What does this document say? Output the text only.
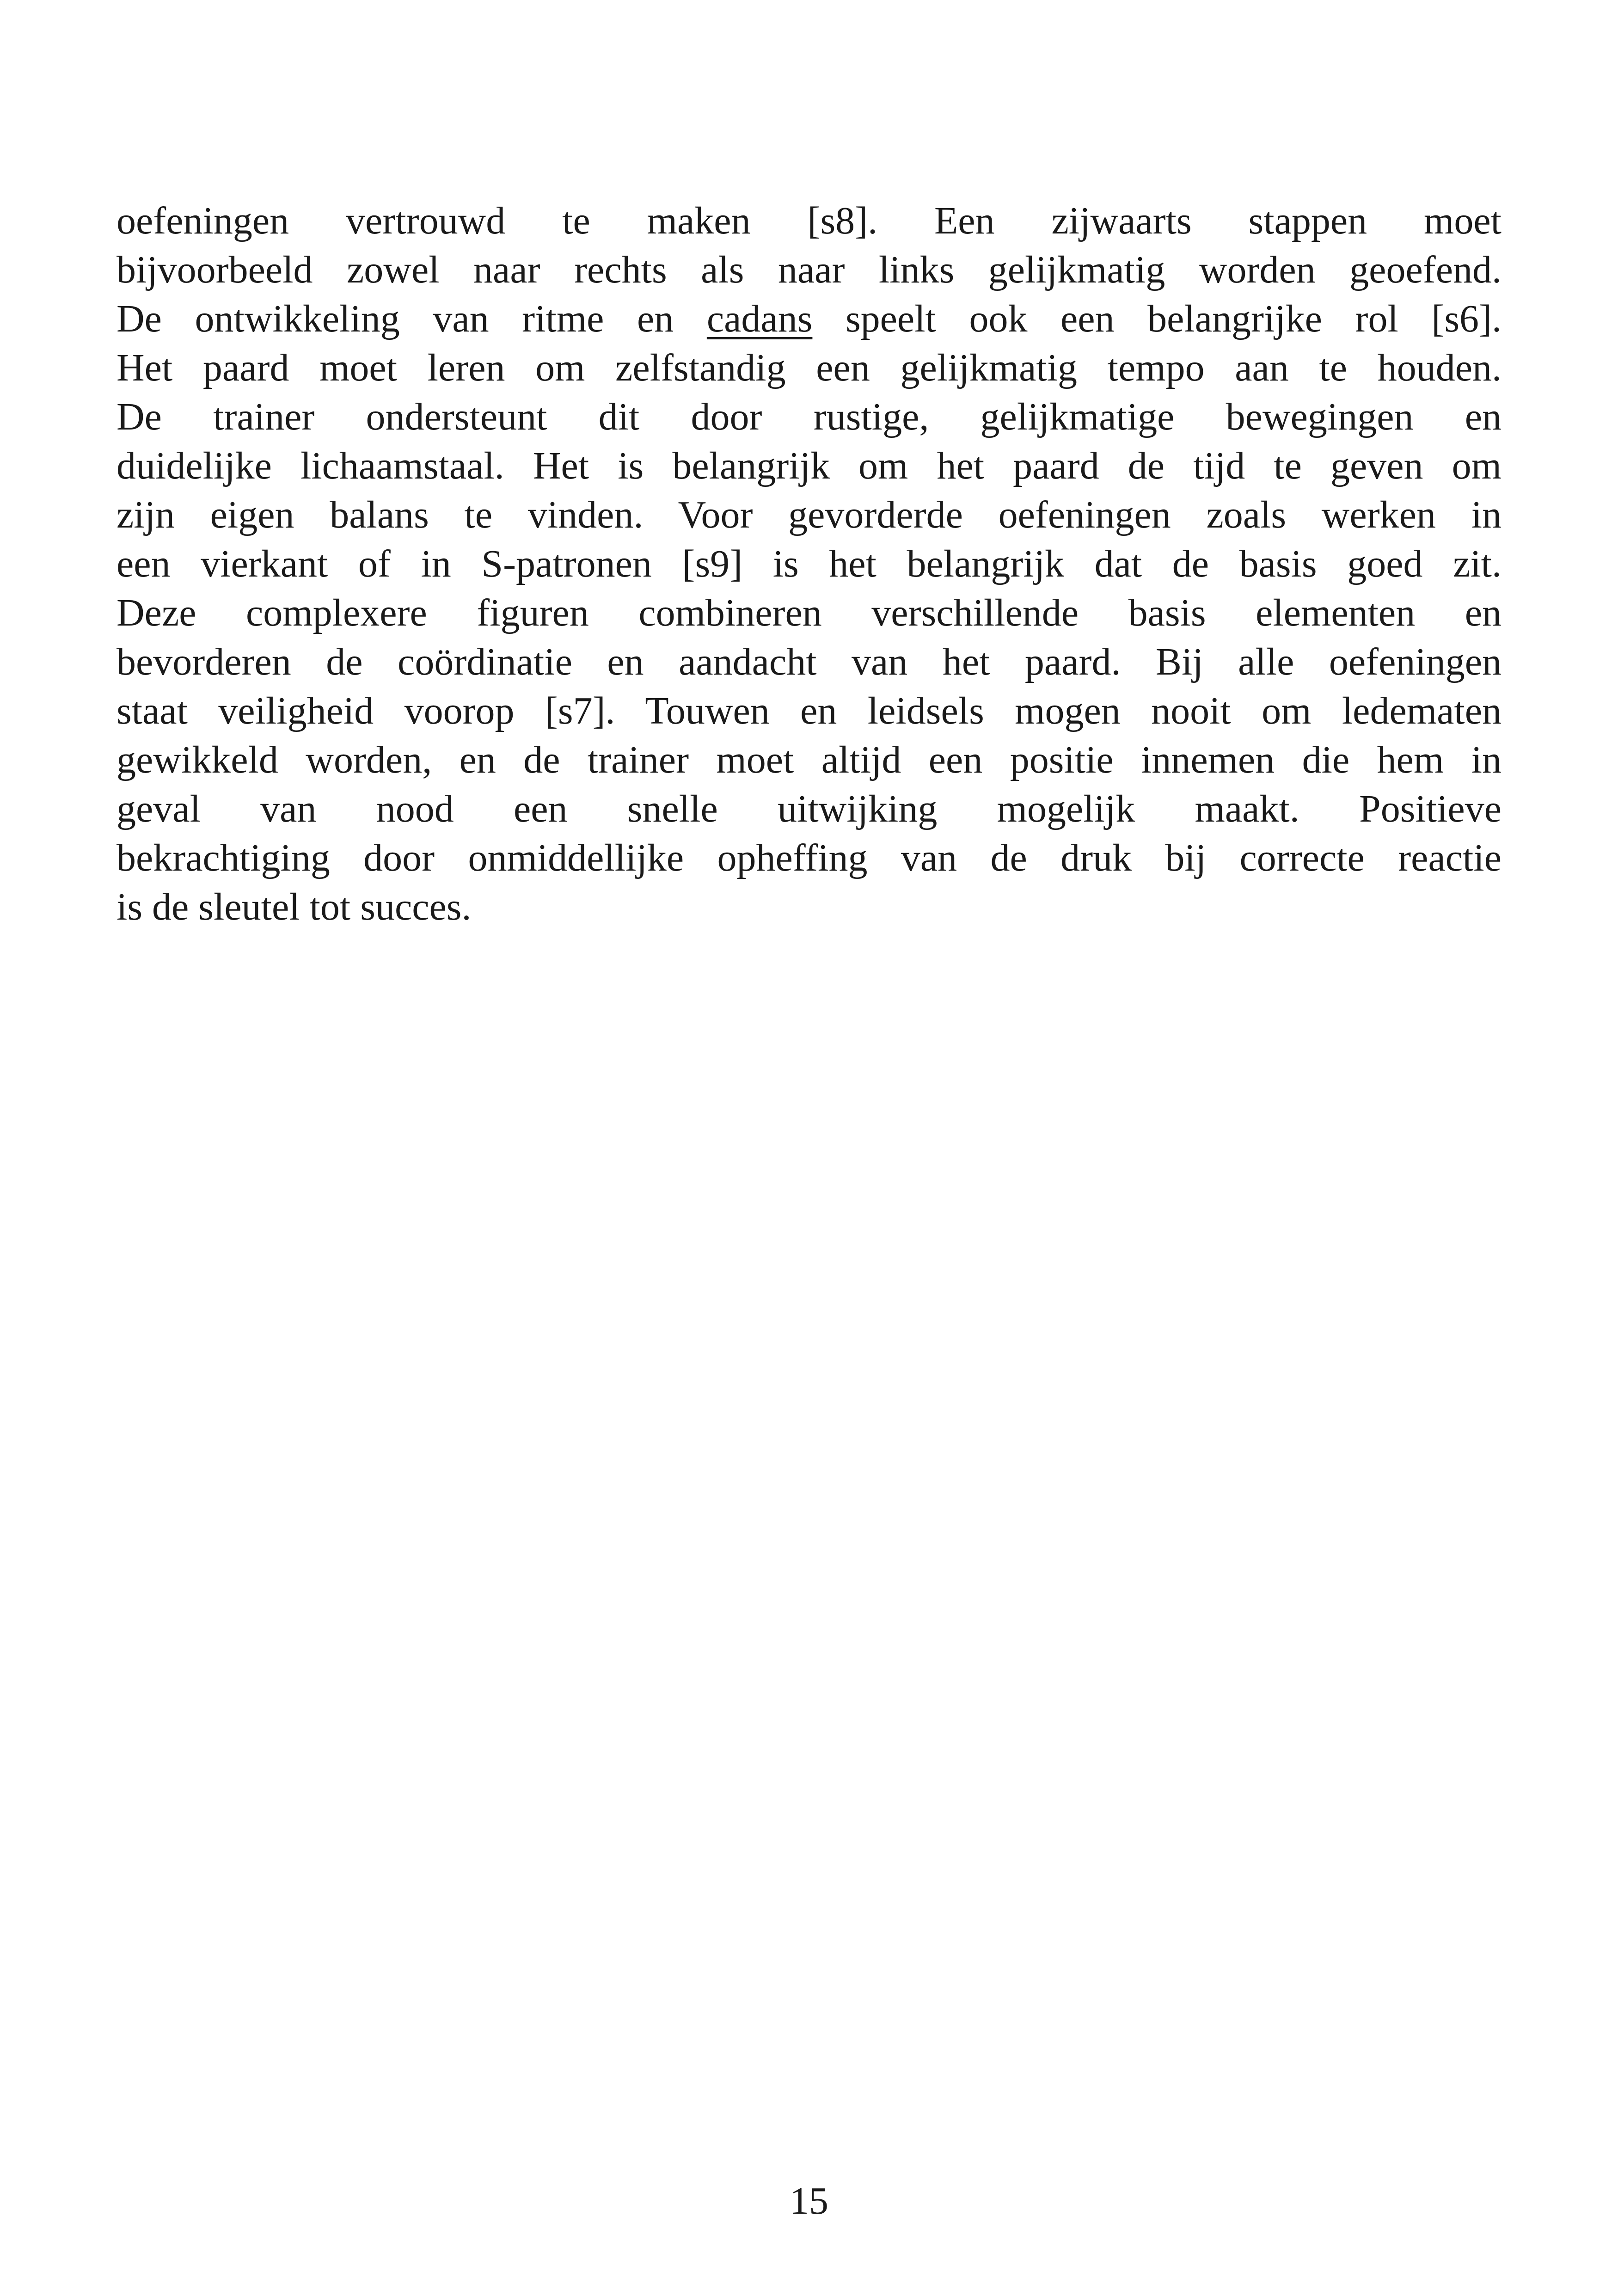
oefeningen vertrouwd te maken [s8]. Een zijwaarts stappen moet
bijvoorbeeld zowel naar rechts als naar links gelijkmatig worden geoefend.
De ontwikkeling van ritme en cadans speelt ook een belangrijke rol [s6].
Het paard moet leren om zelfstandig een gelijkmatig tempo aan te houden.
De trainer ondersteunt dit door rustige, gelijkmatige bewegingen en
duidelijke lichaamstaal. Het is belangrijk om het paard de tijd te geven om
zijn eigen balans te vinden. Voor gevorderde oefeningen zoals werken in
een vierkant of in S-patronen [s9] is het belangrijk dat de basis goed zit.
Deze complexere figuren combineren verschillende basis elementen en
bevorderen de coördinatie en aandacht van het paard. Bij alle oefeningen
staat veiligheid voorop [s7]. Touwen en leidsels mogen nooit om ledematen
gewikkeld worden, en de trainer moet altijd een positie innemen die hem in
geval van nood een snelle uitwijking mogelijk maakt. Positieve
bekrachtiging door onmiddellijke opheffing van de druk bij correcte reactie
is de sleutel tot succes.
15
